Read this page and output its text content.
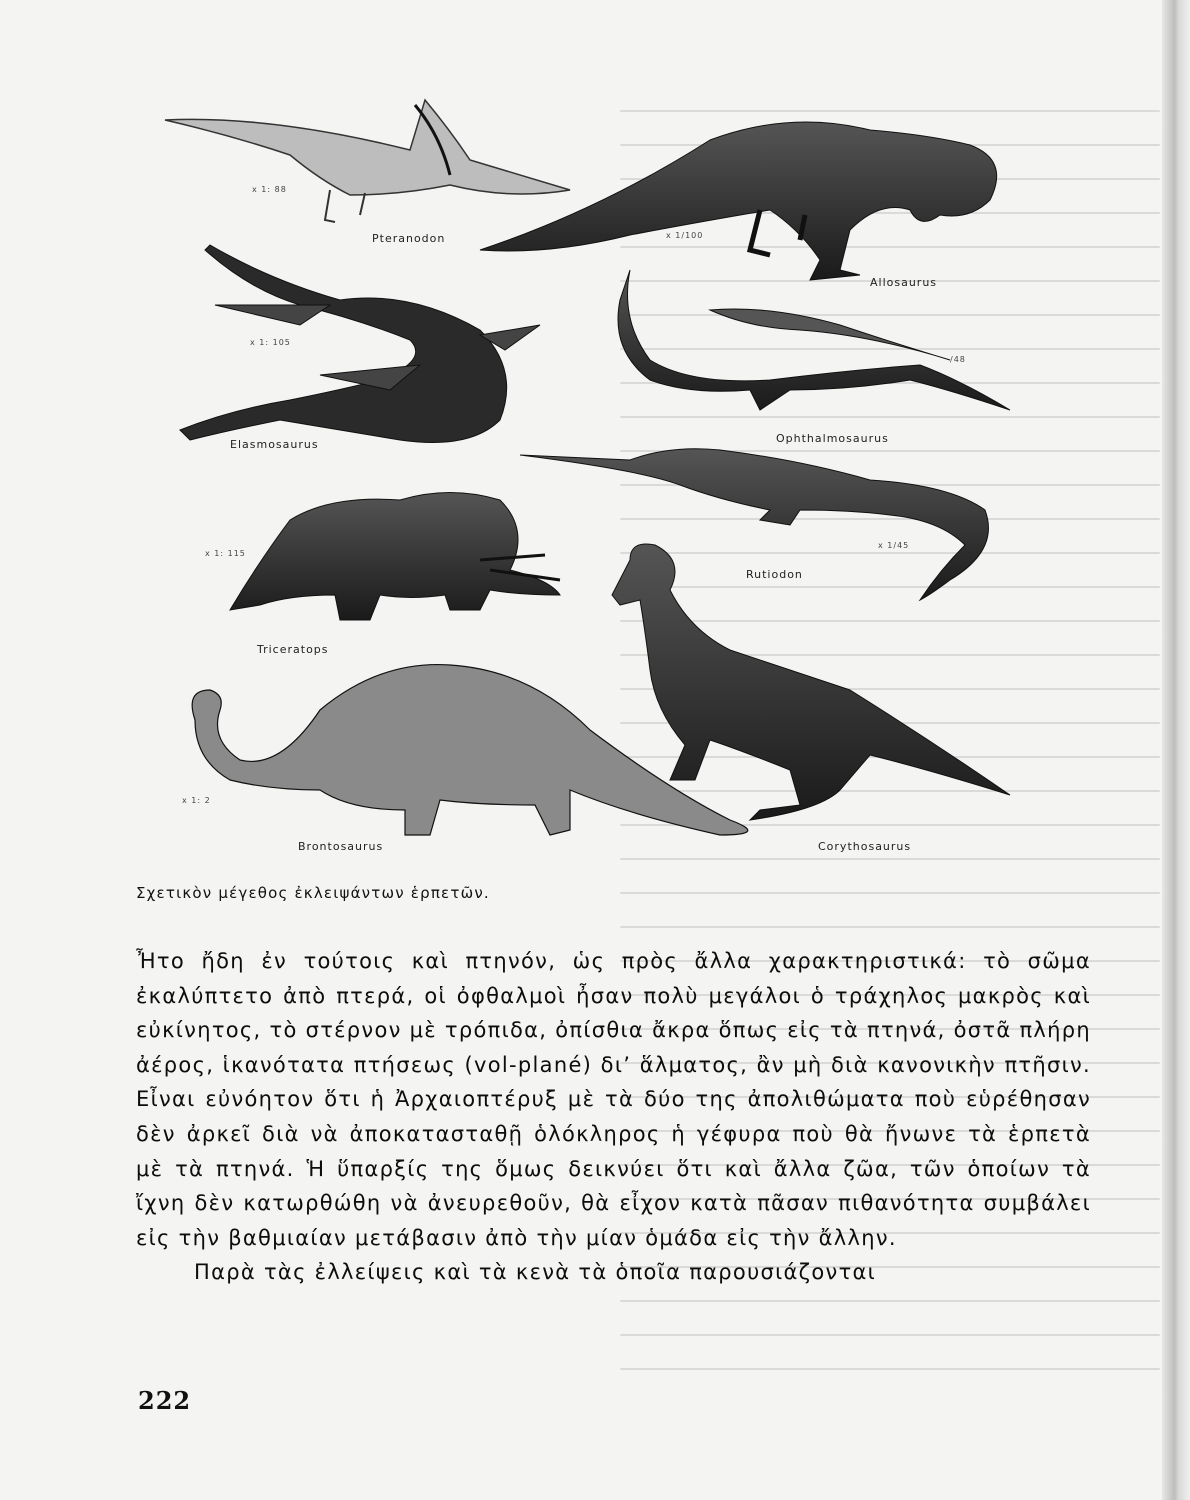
x 1: 88
Pteranodon	x 1/100
Allosaurus
x 1: 105
Elasmosaurus
/48
Ophthalmosaurus
x 1/45
Rutiodon
x 1: 115
Triceratops
Corythosaurus
x 1: 2
Brontosaurus
Σχετικὸν μέγεθος ἐκλειψάντων ἑρπετῶν.

Ἦτο ἤδη ἐν τούτοις καὶ πτηνόν, ὡς πρὸς ἄλλα χαρακτηριστικά: τὸ σῶμα ἐκαλύπτετο ἀπὸ πτερά, οἱ ὀφθαλμοὶ ἦσαν πολὺ μεγάλοι ὁ τράχηλος μακρὸς καὶ εὐκίνητος, τὸ στέρνον μὲ τρόπιδα, ὀπίσθια ἄκρα ὅπως εἰς τὰ πτηνά, ὀστᾶ πλήρη ἀέρος, ἱκανότατα πτήσεως (vol-plané) δι’ ἅλματος, ἂν μὴ διὰ κανονικὴν πτῆσιν. Εἶναι εὐνόητον ὅτι ἡ Ἀρχαιοπτέρυξ μὲ τὰ δύο της ἀπολιθώματα ποὺ εὑρέθησαν δὲν ἀρκεῖ διὰ νὰ ἀποκατασταθῇ ὁλόκληρος ἡ γέφυρα ποὺ θὰ ἤνωνε τὰ ἑρπετὰ μὲ τὰ πτηνά. Ἡ ὕπαρξίς της ὅμως δεικνύει ὅτι καὶ ἄλλα ζῶα, τῶν ὁποίων τὰ ἴχνη δὲν κατωρθώθη νὰ ἀνευρεθοῦν, θὰ εἶχον κατὰ πᾶσαν πιθανότητα συμβάλει εἰς τὴν βαθμιαίαν μετάβασιν ἀπὸ τὴν μίαν ὁμάδα εἰς τὴν ἄλλην.

Παρὰ τὰς ἐλλείψεις καὶ τὰ κενὰ τὰ ὁποῖα παρουσιάζονται

222
